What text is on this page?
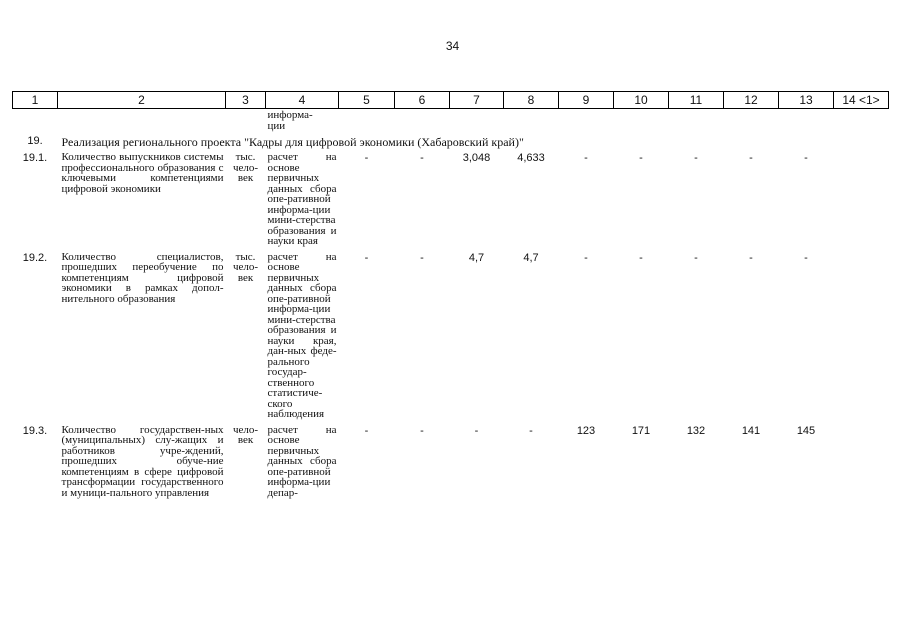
34
1	2	3	4	5	6	7	8	9	10	11	12	13	14 <1>

			информа-
ции										

19.	Реализация регионального проекта "Кадры для цифровой экономики (Хабаровский край)"												
19.1.	Количество выпускников системы профессионального образования с ключевыми компетенциями цифровой экономики	тыс.
чело-
век	расчет на основе первичных данных сбора опе-ративной информа-ции мини-стерства образования и науки края	-	-	3,048	4,633	-	-	-	-	-	
19.2.	Количество специалистов, прошедших переобучение по компетенциям цифровой экономики в рамках допол-нительного образования	тыс.
чело-
век	расчет на основе первичных данных сбора опе-ративной информа-ции мини-стерства образования и науки края, дан-ных феде-рального государ-ственного статистиче-ского наблюдения	-	-	4,7	4,7	-	-	-	-	-	
19.3.	Количество государствен-ных (муниципальных) слу-жащих и работников учре-ждений, прошедших обуче-ние компетенциям в сфере цифровой трансформации государственного и муници-пального управления	чело-
век	расчет на основе первичных данных сбора опе-ративной информа-ции депар-	-	-	-	-	123	171	132	141	145	
